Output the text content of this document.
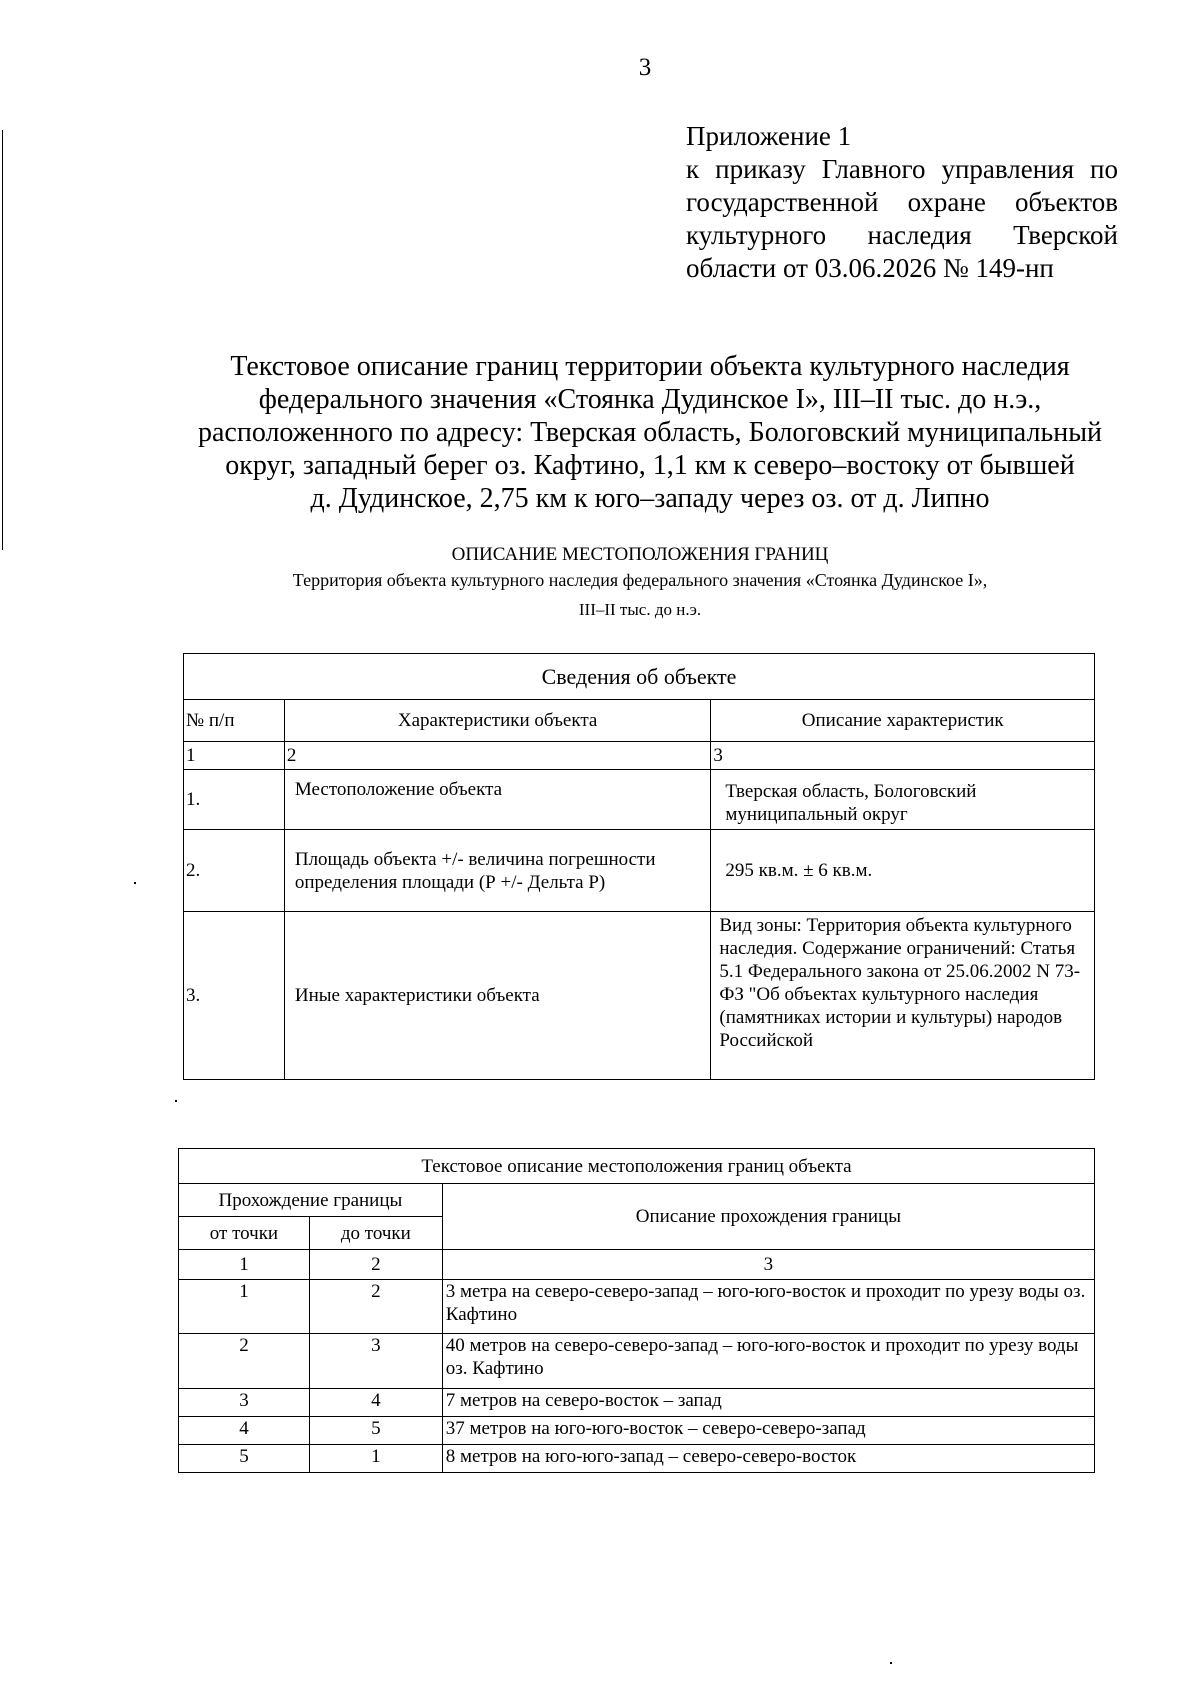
3
Приложение 1
к приказу Главного управления по
государственной охране объектов
культурного наследия Тверской
области от 03.06.2026 № 149-нп
Текстовое описание границ территории объекта культурного наследия
федерального значения «Стоянка Дудинское I», III–II тыс. до н.э.,
расположенного по адресу: Тверская область, Бологовский муниципальный
округ, западный берег оз. Кафтино, 1,1 км к северо–востоку от бывшей
д. Дудинское, 2,75 км к юго–западу через оз. от д. Липно
ОПИСАНИЕ МЕСТОПОЛОЖЕНИЯ ГРАНИЦ
Территория объекта культурного наследия федерального значения «Стоянка Дудинское I»,
III–II тыс. до н.э.
Сведения об объекте		
№ п/п	Характеристики объекта	Описание характеристик
1	2	3
1.	Местоположение объекта	Тверская область, Бологовский муниципальный округ
2.	Площадь объекта +/- величина погрешности определения площади (Р +/- Дельта Р)	295 кв.м. ± 6 кв.м.
3.	Иные характеристики объекта	Вид зоны: Территория объекта культурного наследия. Содержание ограничений: Статья 5.1 Федерального закона от 25.06.2002 N 73-ФЗ "Об объектах культурного наследия (памятниках истории и культуры) народов Российской
Текстовое описание местоположения границ объекта		
Прохождение границы		Описание прохождения границы
от точки	до точки	
1	2	3
1	2	3 метра на северо-северо-запад – юго-юго-восток и проходит по урезу воды оз. Кафтино
2	3	40 метров на северо-северо-запад – юго-юго-восток и проходит по урезу воды оз. Кафтино
3	4	7 метров на северо-восток – запад
4	5	37 метров на юго-юго-восток – северо-северо-запад
5	1	8 метров на юго-юго-запад – северо-северо-восток
